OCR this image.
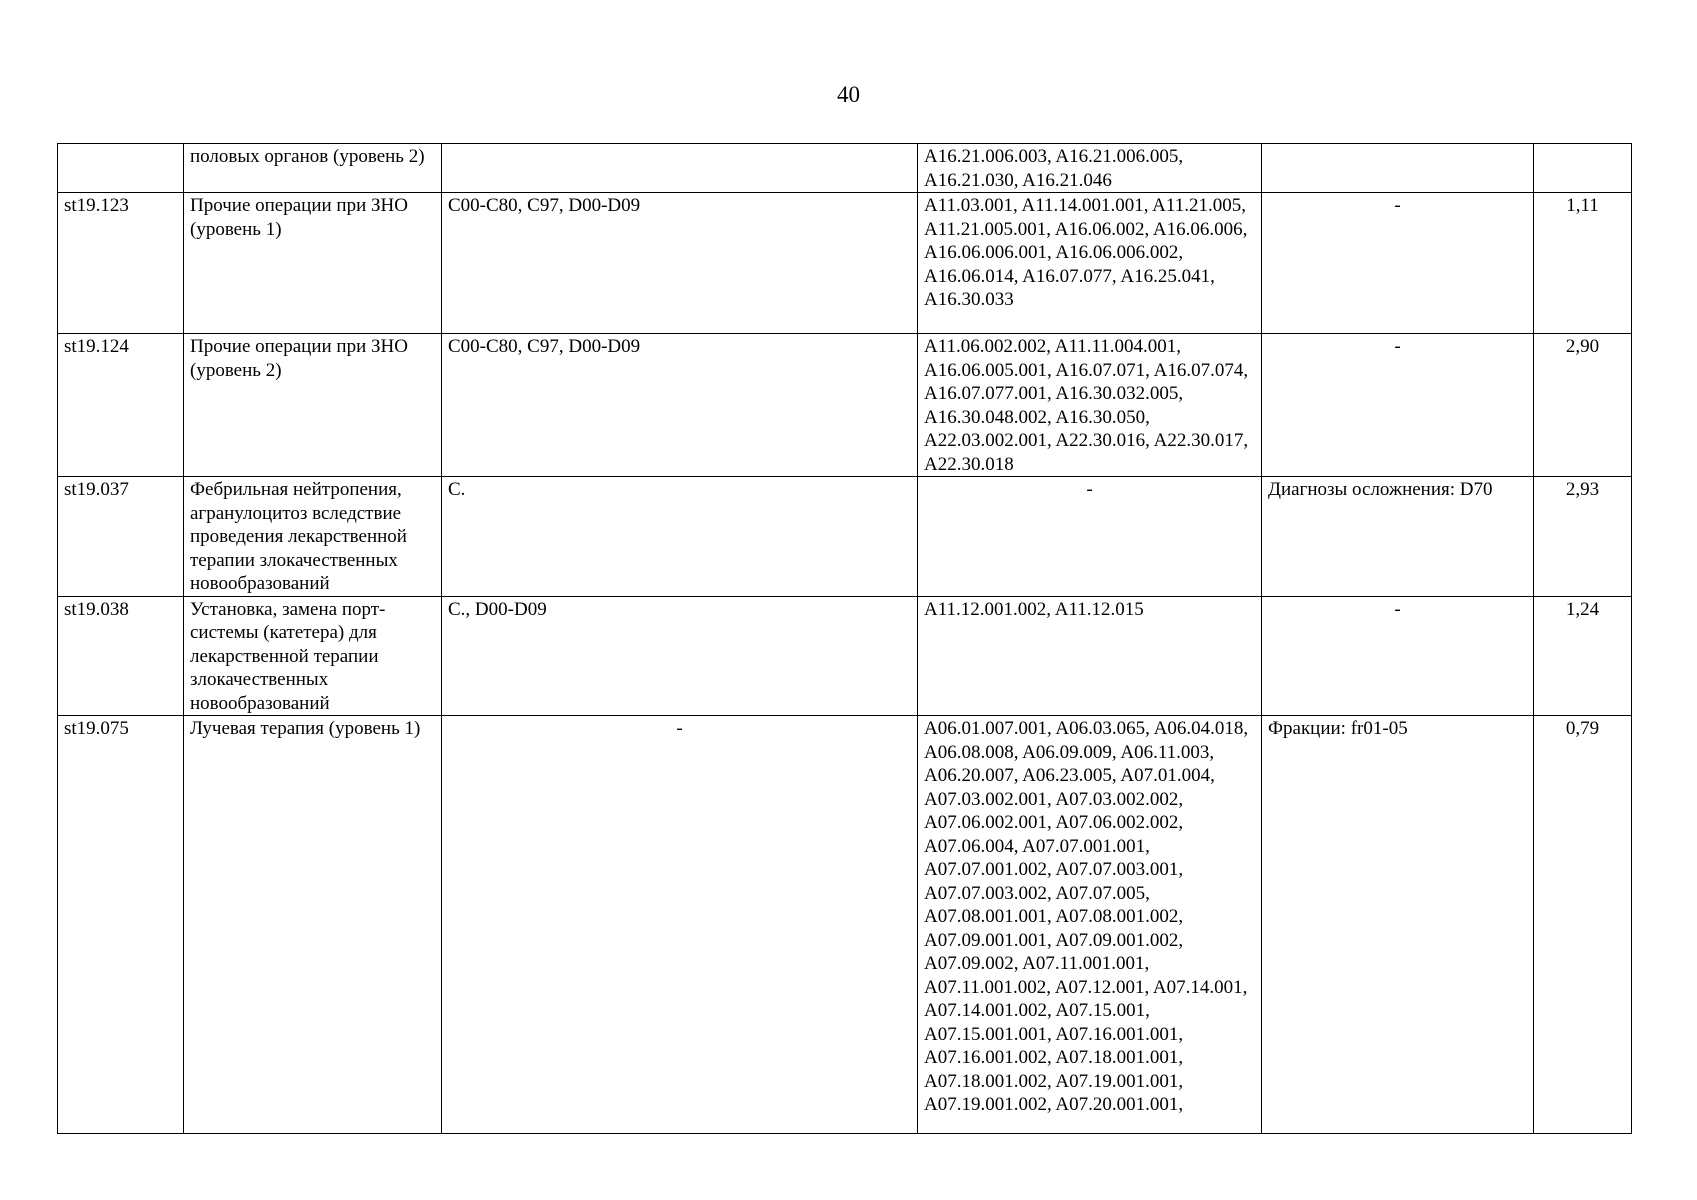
40
	половых органов (уровень 2)		A16.21.006.003, A16.21.006.005, A16.21.030, A16.21.046		
st19.123	Прочие операции при ЗНО (уровень 1)	C00-C80, C97, D00-D09	A11.03.001, A11.14.001.001, A11.21.005, A11.21.005.001, A16.06.002, A16.06.006, A16.06.006.001, A16.06.006.002, A16.06.014, A16.07.077, A16.25.041, A16.30.033	-	1,11
st19.124	Прочие операции при ЗНО (уровень 2)	C00-C80, C97, D00-D09	A11.06.002.002, A11.11.004.001, A16.06.005.001, A16.07.071, A16.07.074, A16.07.077.001, A16.30.032.005, A16.30.048.002, A16.30.050, A22.03.002.001, A22.30.016, A22.30.017, A22.30.018	-	2,90
st19.037	Фебрильная нейтропения, агранулоцитоз вследствие проведения лекарственной терапии злокачественных новообразований	C.	-	Диагнозы осложнения: D70	2,93
st19.038	Установка, замена порт-системы (катетера) для лекарственной терапии злокачественных новообразований	C., D00-D09	A11.12.001.002, A11.12.015	-	1,24
st19.075	Лучевая терапия (уровень 1)	-	A06.01.007.001, A06.03.065, A06.04.018, A06.08.008, A06.09.009, A06.11.003, A06.20.007, A06.23.005, A07.01.004, A07.03.002.001, A07.03.002.002, A07.06.002.001, A07.06.002.002, A07.06.004, A07.07.001.001, A07.07.001.002, A07.07.003.001, A07.07.003.002, A07.07.005, A07.08.001.001, A07.08.001.002, A07.09.001.001, A07.09.001.002, A07.09.002, A07.11.001.001, A07.11.001.002, A07.12.001, A07.14.001, A07.14.001.002, A07.15.001, A07.15.001.001, A07.16.001.001, A07.16.001.002, A07.18.001.001, A07.18.001.002, A07.19.001.001, A07.19.001.002, A07.20.001.001,	Фракции: fr01-05	0,79
